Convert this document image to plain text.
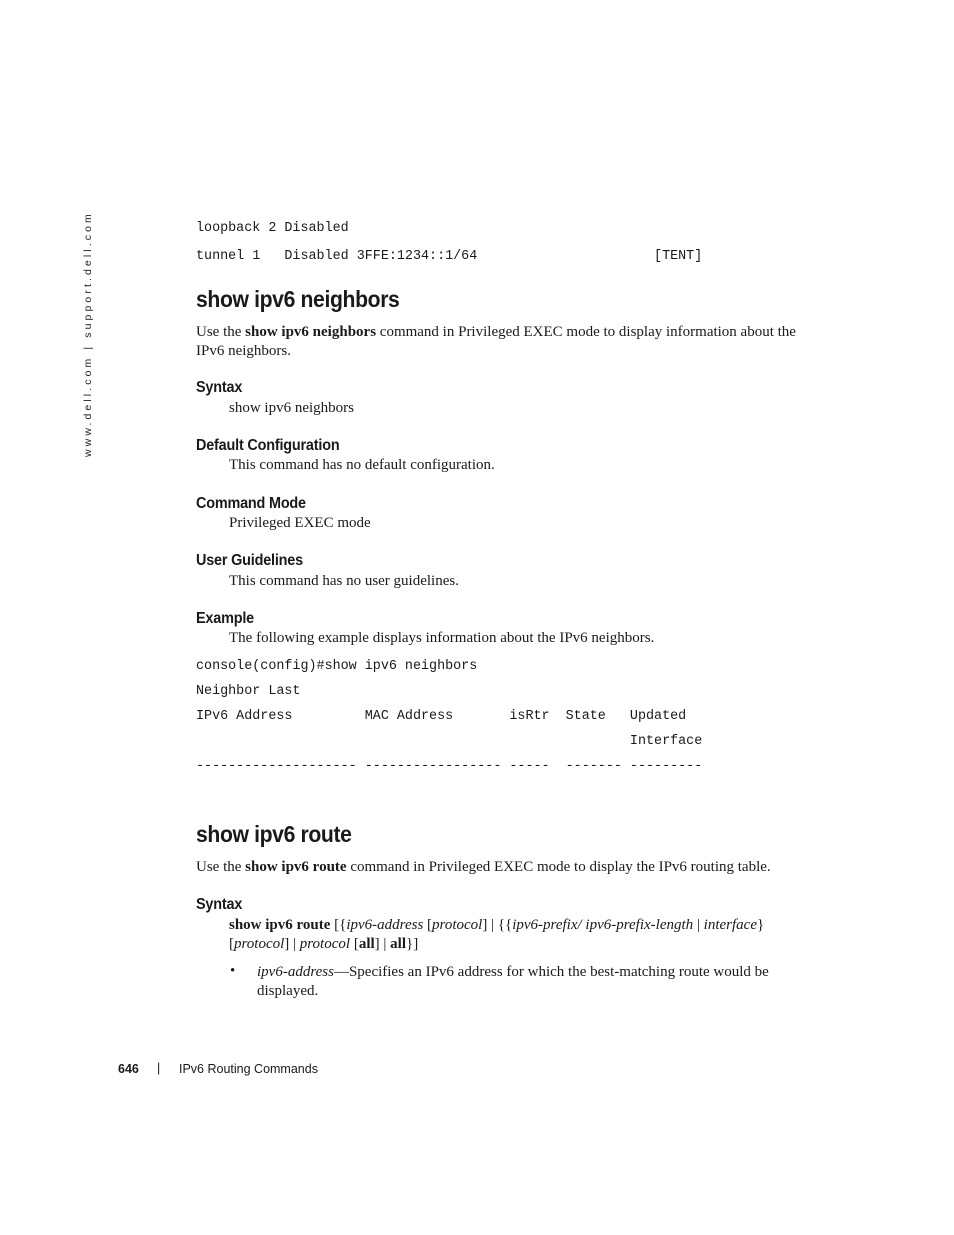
www.dell.com | support.dell.com	loopback 2 Disabled
tunnel 1   Disabled 3FFE:1234::1/64                      [TENT]
show ipv6 neighbors
Use the show ipv6 neighbors command in Privileged EXEC mode to display information about the
IPv6 neighbors.
Syntax
show ipv6 neighbors
Default Configuration
This command has no default configuration.
Command Mode
Privileged EXEC mode
User Guidelines
This command has no user guidelines.
Example
The following example displays information about the IPv6 neighbors.
console(config)#show ipv6 neighbors
Neighbor Last
IPv6 Address         MAC Address       isRtr  State   Updated
Interface
-------------------- ----------------- -----  ------- ---------
show ipv6 route
Use the show ipv6 route command in Privileged EXEC mode to display the IPv6 routing table.
Syntax
show ipv6 route [{ipv6-address [protocol] | {{ipv6-prefix/ ipv6-prefix-length | interface}
[protocol] | protocol [all] | all}]
• ipv6-address—Specifies an IPv6 address for which the best-matching route would be
displayed.
646 | IPv6 Routing Commands
